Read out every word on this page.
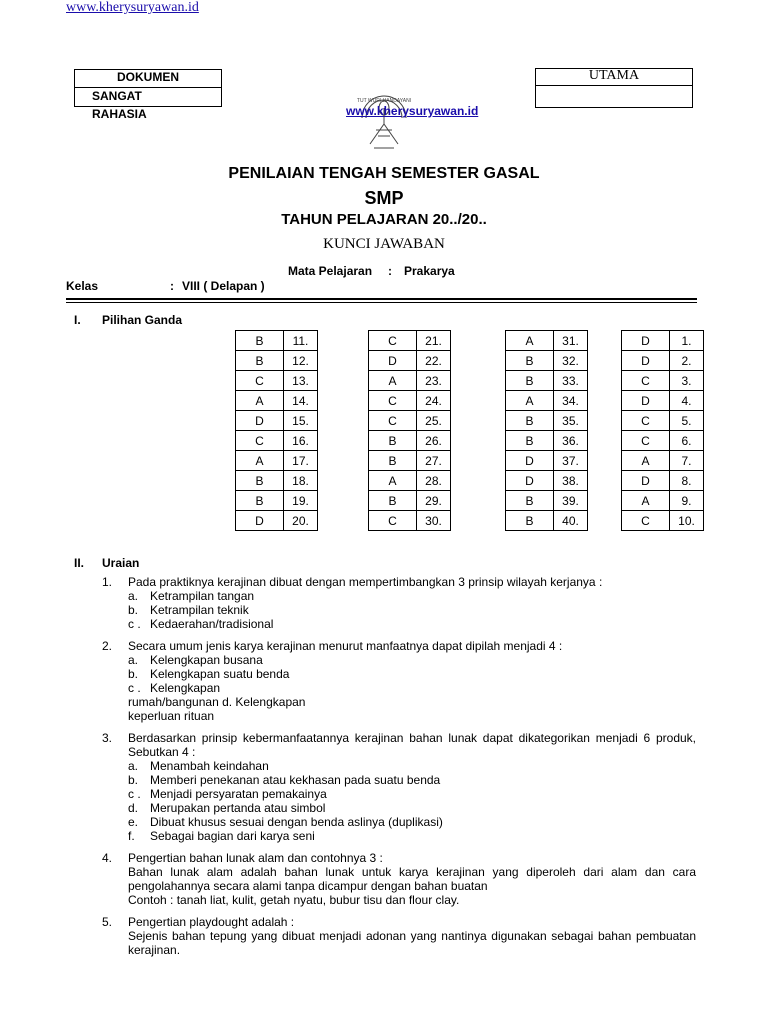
www.kherysuryawan.id
DOKUMEN
SANGAT
RAHASIA
UTAMA
TUT WURI HANDAYANI
www.kherysuryawan.id
PENILAIAN TENGAH SEMESTER GASAL
SMP
TAHUN PELAJARAN 20../20..
KUNCI JAWABAN
Mata Pelajaran : Prakarya
Kelas	: VIII ( Delapan )
I. Pilihan Ganda
B	11.
B	12.
C	13.
A	14.
D	15.
C	16.
A	17.
B	18.
B	19.
D	20.
C	21.
D	22.
A	23.
C	24.
C	25.
B	26.
B	27.
A	28.
B	29.
C	30.
A	31.
B	32.
B	33.
A	34.
B	35.
B	36.
D	37.
D	38.
B	39.
B	40.
D	1.
D	2.
C	3.
D	4.
C	5.
C	6.
A	7.
D	8.
A	9.
C	10.
II. Uraian
1. Pada praktiknya kerajinan dibuat dengan mempertimbangkan 3 prinsip wilayah kerjanya :
a. Ketrampilan tangan
b. Ketrampilan teknik
c . Kedaerahan/tradisional
2. Secara umum jenis karya kerajinan menurut manfaatnya dapat dipilah menjadi 4 :
a. Kelengkapan busana
b. Kelengkapan suatu benda
c . Kelengkapan
rumah/bangunan d. Kelengkapan
keperluan rituan
3. Berdasarkan prinsip kebermanfaatannya kerajinan bahan lunak dapat dikategorikan menjadi 6 produk, Sebutkan 4 :
a. Menambah keindahan
b. Memberi penekanan atau kekhasan pada suatu benda
c . Menjadi persyaratan pemakainya
d. Merupakan pertanda atau simbol
e. Dibuat khusus sesuai dengan benda aslinya (duplikasi)
f. Sebagai bagian dari karya seni
4. Pengertian bahan lunak alam dan contohnya 3 :
Bahan lunak alam adalah bahan lunak untuk karya kerajinan yang diperoleh dari alam dan cara pengolahannya secara alami tanpa dicampur dengan bahan buatan
Contoh : tanah liat, kulit, getah nyatu, bubur tisu dan flour clay.
5. Pengertian playdought adalah :
Sejenis bahan tepung yang dibuat menjadi adonan yang nantinya digunakan sebagai bahan pembuatan kerajinan.
